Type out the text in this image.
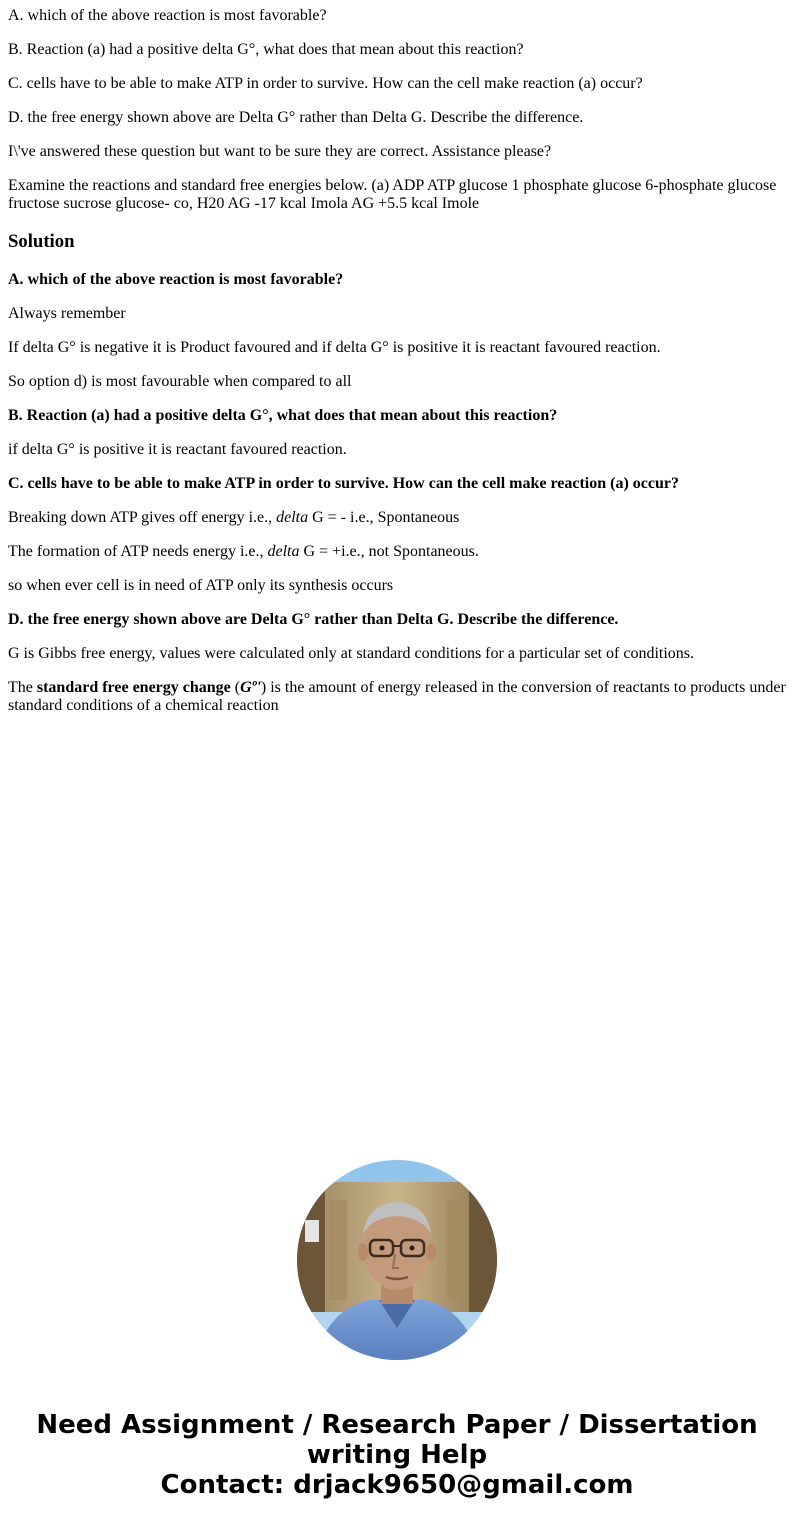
A. which of the above reaction is most favorable?

B. Reaction (a) had a positive delta G°, what does that mean about this reaction?

C. cells have to be able to make ATP in order to survive. How can the cell make reaction (a) occur?

D. the free energy shown above are Delta G° rather than Delta G. Describe the difference.

I\'ve answered these question but want to be sure they are correct. Assistance please?

Examine the reactions and standard free energies below. (a) ADP ATP glucose 1 phosphate glucose 6-phosphate glucose fructose sucrose glucose- co, H20 AG -17 kcal Imola AG +5.5 kcal Imole

Solution

A. which of the above reaction is most favorable?

Always remember

If delta G° is negative it is Product favoured and if delta G° is positive it is reactant favoured reaction.

So option d) is most favourable when compared to all

B. Reaction (a) had a positive delta G°, what does that mean about this reaction?

if delta G° is positive it is reactant favoured reaction.

C. cells have to be able to make ATP in order to survive. How can the cell make reaction (a) occur?

Breaking down ATP gives off energy i.e., delta G = - i.e., Spontaneous

The formation of ATP needs energy i.e., delta G = +i.e., not Spontaneous.

so when ever cell is in need of ATP only its synthesis occurs

D. the free energy shown above are Delta G° rather than Delta G. Describe the difference.

G is Gibbs free energy, values were calculated only at standard conditions for a particular set of conditions.

The standard free energy change (Gº') is the amount of energy released in the conversion of reactants to products under standard conditions of a chemical reaction

Need Assignment / Research Paper / Dissertation writing Help
Contact: drjack9650@gmail.com
